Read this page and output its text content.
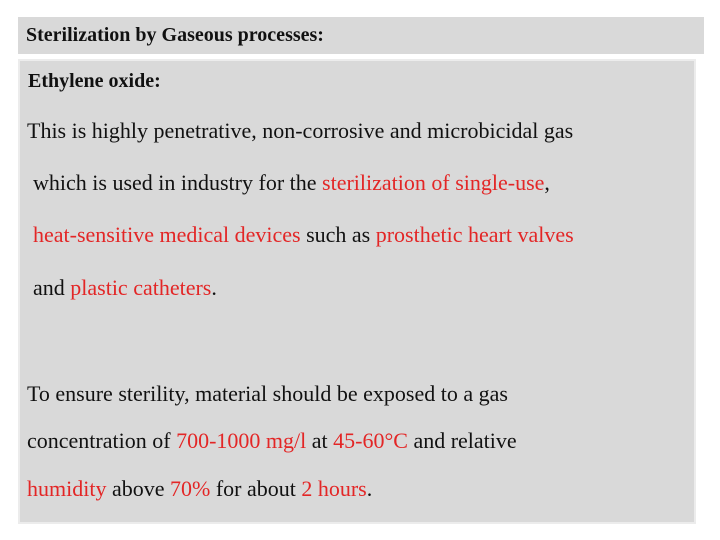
Sterilization by Gaseous processes:
Ethylene oxide:
This is highly penetrative, non-corrosive and microbicidal gas
which is used in industry for the sterilization of single-use,
heat-sensitive medical devices such as prosthetic heart valves
and plastic catheters.
To ensure sterility, material should be exposed to a gas
concentration of 700-1000 mg/l at 45-60°C and relative
humidity above 70% for about 2 hours.
